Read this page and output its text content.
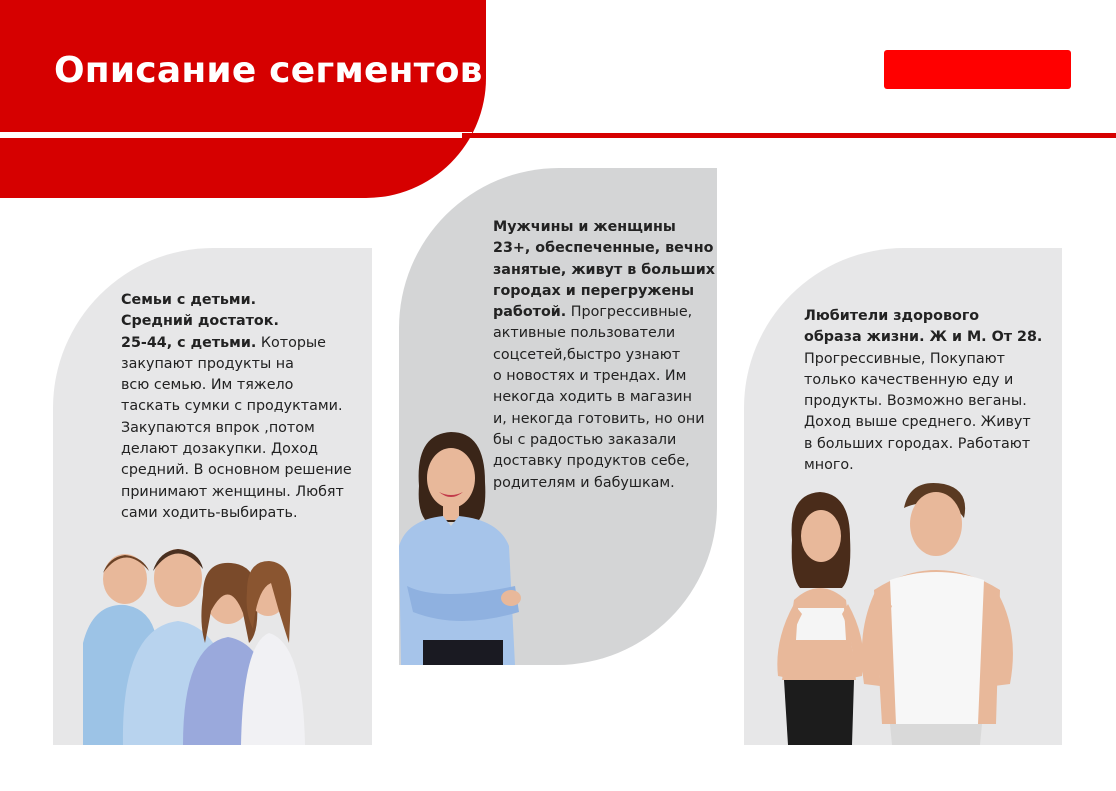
Описание сегментов
Семьи с детьми.
Средний достаток.
25-44, с детьми. Которые
закупают продукты на
всю семью. Им тяжело
таскать сумки с продуктами.
Закупаются впрок ,потом
делают дозакупки. Доход
средний. В основном решение
принимают женщины. Любят
сами ходить-выбирать.
Мужчины и женщины
23+, обеспеченные, вечно
занятые, живут в больших
городах и перегружены
работой. Прогрессивные,
активные пользователи
соцсетей,быстро узнают
о новостях и трендах. Им
некогда ходить в магазин
и, некогда готовить, но они
бы с радостью заказали
доставку продуктов себе,
родителям и бабушкам.
Любители здорового
образа жизни. Ж и М. От 28.
Прогрессивные, Покупают
только качественную еду и
продукты. Возможно веганы.
Доход выше среднего. Живут
в больших городах. Работают
много.
